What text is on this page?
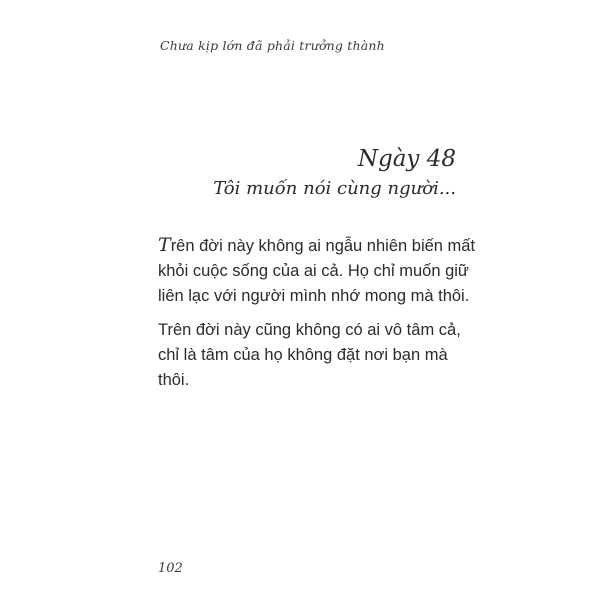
Chưa kịp lớn đã phải trưởng thành
Ngày 48
Tôi muốn nói cùng người...

Trên đời này không ai ngẫu nhiên biến mất khỏi cuộc sống của ai cả. Họ chỉ muốn giữ liên lạc với người mình nhớ mong mà thôi.

Trên đời này cũng không có ai vô tâm cả, chỉ là tâm của họ không đặt nơi bạn mà thôi.

102
